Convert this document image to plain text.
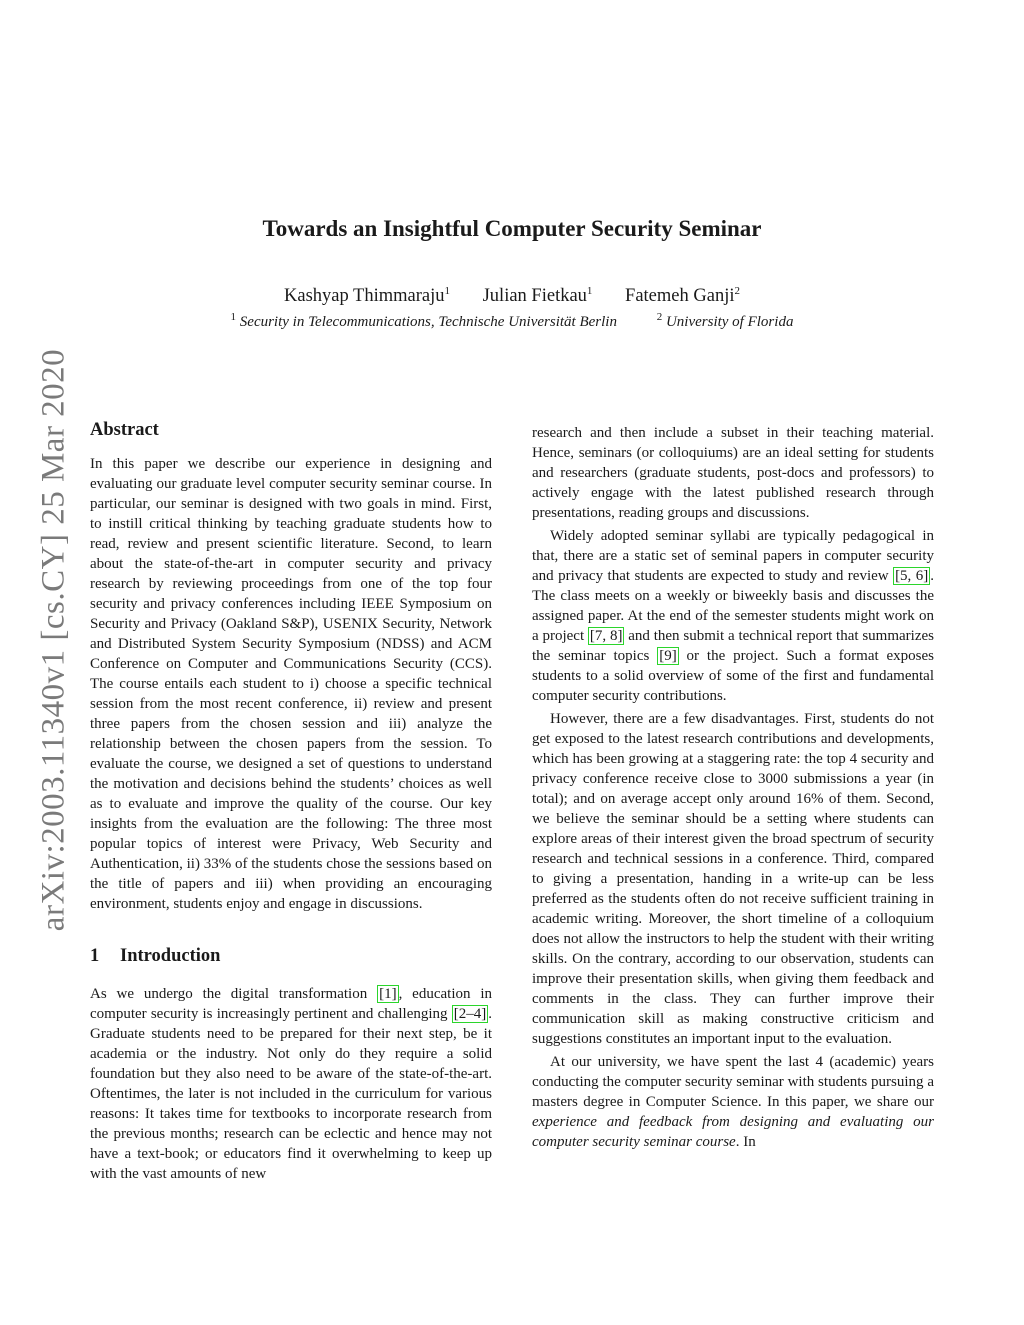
arXiv:2003.11340v1 [cs.CY] 25 Mar 2020
Towards an Insightful Computer Security Seminar
Kashyap Thimmaraju$^1$ Julian Fietkau$^1$ Fatemeh Ganji$^2$
$^1$ Security in Telecommunications, Technische Universität Berlin	$^2$ University of Florida
Abstract

In this paper we describe our experience in designing and evaluating our graduate level computer security seminar course. In particular, our seminar is designed with two goals in mind. First, to instill critical thinking by teaching graduate students how to read, review and present scientific literature. Second, to learn about the state-of-the-art in computer security and privacy research by reviewing proceedings from one of the top four security and privacy conferences including IEEE Symposium on Security and Privacy (Oakland S&P), USENIX Security, Network and Distributed System Security Symposium (NDSS) and ACM Conference on Computer and Communications Security (CCS). The course entails each student to i) choose a specific technical session from the most recent conference, ii) review and present three papers from the chosen session and iii) analyze the relationship between the chosen papers from the session. To evaluate the course, we designed a set of questions to understand the motivation and decisions behind the students’ choices as well as to evaluate and improve the quality of the course. Our key insights from the evaluation are the following: The three most popular topics of interest were Privacy, Web Security and Authentication, ii) 33% of the students chose the sessions based on the title of papers and iii) when providing an encouraging environment, students enjoy and engage in discussions.

1 Introduction

As we undergo the digital transformation [1] , education in computer security is increasingly pertinent and challenging [2–4] . Graduate students need to be prepared for their next step, be it academia or the industry. Not only do they require a solid foundation but they also need to be aware of the state-of-the-art. Oftentimes, the later is not included in the curriculum for various reasons: It takes time for textbooks to incorporate research from the previous months; research can be eclectic and hence may not have a text-book; or educators find it overwhelming to keep up with the vast amounts of new

research and then include a subset in their teaching material. Hence, seminars (or colloquiums) are an ideal setting for students and researchers (graduate students, post-docs and professors) to actively engage with the latest published research through presentations, reading groups and discussions.

Widely adopted seminar syllabi are typically pedagogical in that, there are a static set of seminal papers in computer security and privacy that students are expected to study and review [5, 6] . The class meets on a weekly or biweekly basis and discusses the assigned paper. At the end of the semester students might work on a project [7, 8] and then submit a technical report that summarizes the seminar topics [9] or the project. Such a format exposes students to a solid overview of some of the first and fundamental computer security contributions.

However, there are a few disadvantages. First, students do not get exposed to the latest research contributions and developments, which has been growing at a staggering rate: the top 4 security and privacy conference receive close to 3000 submissions a year (in total); and on average accept only around 16% of them. Second, we believe the seminar should be a setting where students can explore areas of their interest given the broad spectrum of security research and technical sessions in a conference. Third, compared to giving a presentation, handing in a write-up can be less preferred as the students often do not receive sufficient training in academic writing. Moreover, the short timeline of a colloquium does not allow the instructors to help the student with their writing skills. On the contrary, according to our observation, students can improve their presentation skills, when giving them feedback and comments in the class. They can further improve their communication skill as making constructive criticism and suggestions constitutes an important input to the evaluation.

At our university, we have spent the last 4 (academic) years conducting the computer security seminar with students pursuing a masters degree in Computer Science. In this paper, we share our experience and feedback from designing and evaluating our computer security seminar course. In
